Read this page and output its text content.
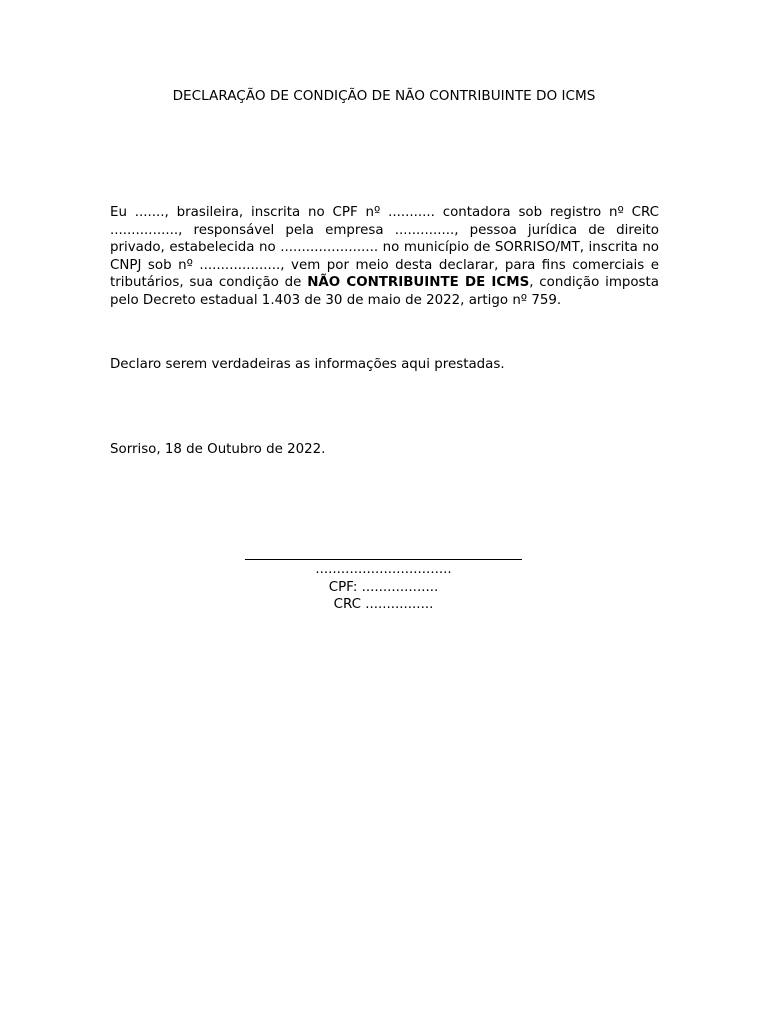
DECLARAÇÃO DE CONDIÇÃO DE NÃO CONTRIBUINTE DO ICMS

Eu ......., brasileira, inscrita no CPF nº ........... contadora sob registro nº CRC ................, responsável pela empresa .............., pessoa jurídica de direito privado, estabelecida no ....................... no município de SORRISO/MT, inscrita no CNPJ sob nº ..................., vem por meio desta declarar, para fins comerciais e tributários, sua condição de NÃO CONTRIBUINTE DE ICMS, condição imposta pelo Decreto estadual 1.403 de 30 de maio de 2022, artigo nº 759.

Declaro serem verdadeiras as informações aqui prestadas.
Sorriso, 18 de Outubro de 2022.
................................
CPF: ..................
CRC ................
